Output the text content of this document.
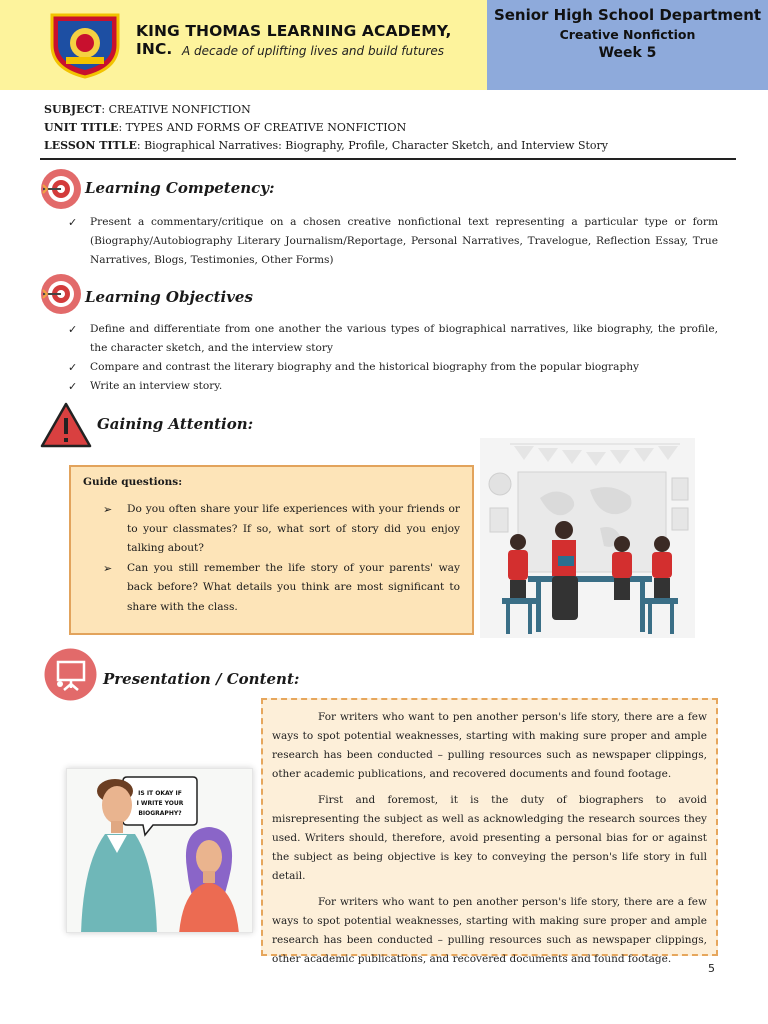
KING THOMAS LEARNING ACADEMY, INC. A decade of uplifting lives and build futures
Senior High School Department
Creative Nonfiction
Week 5
SUBJECT: CREATIVE NONFICTION
UNIT TITLE: TYPES AND FORMS OF CREATIVE NONFICTION
LESSON TITLE: Biographical Narratives: Biography, Profile, Character Sketch, and Interview Story
Learning Competency:
✓ Present a commentary/critique on a chosen creative nonfictional text representing a particular type or form (Biography/Autobiography Literary Journalism/Reportage, Personal Narratives, Travelogue, Reflection Essay, True Narratives, Blogs, Testimonies, Other Forms)
Learning Objectives
✓ Define and differentiate from one another the various types of biographical narratives, like biography, the profile, the character sketch, and the interview story
✓ Compare and contrast the literary biography and the historical biography from the popular biography
✓ Write an interview story.
Gaining Attention:
Guide questions:
➢ Do you often share your life experiences with your friends or to your classmates? If so, what sort of story did you enjoy talking about?
➢ Can you still remember the life story of your parents' way back before? What details you think are most significant to share with the class.
Presentation / Content:
IS IT OKAY IF
I WRITE YOUR
BIOGRAPHY?

For writers who want to pen another person's life story, there are a few ways to spot potential weaknesses, starting with making sure proper and ample research has been conducted – pulling resources such as newspaper clippings, other academic publications, and recovered documents and found footage.

First and foremost, it is the duty of biographers to avoid misrepresenting the subject as well as acknowledging the research sources they used. Writers should, therefore, avoid presenting a personal bias for or against the subject as being objective is key to conveying the person's life story in full detail.

For writers who want to pen another person's life story, there are a few ways to spot potential weaknesses, starting with making sure proper and ample research has been conducted – pulling resources such as newspaper clippings, other academic publications, and recovered documents and found footage.

5
